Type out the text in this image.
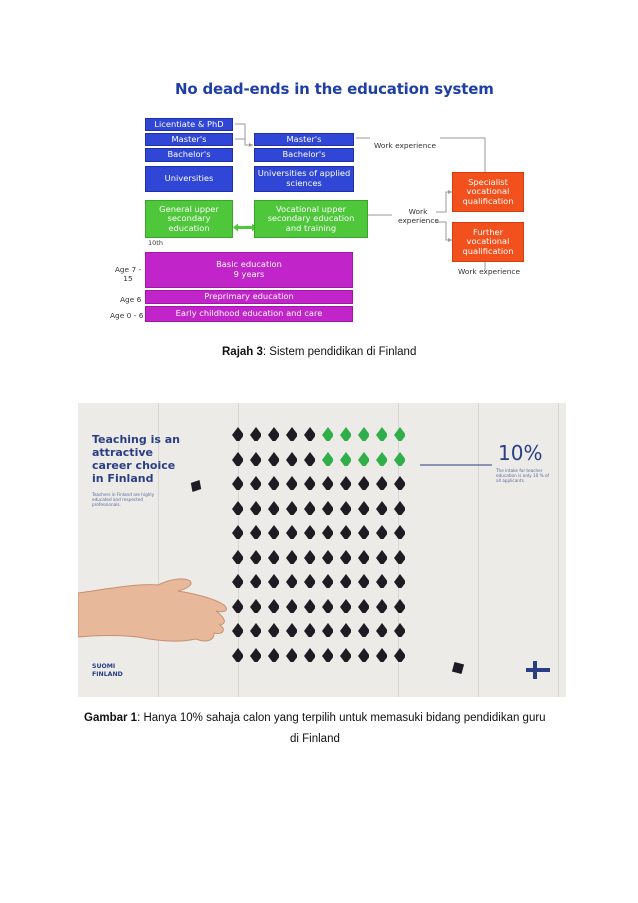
No dead-ends in the education system
Licentiate & PhD
Master's
Bachelor's
Universities
Master's
Bachelor's
Universities of applied sciences
General upper secondary education
Vocational upper secondary education and training
Specialist vocational qualification
Further vocational qualification
Basic education
9 years
Preprimary education
Early childhood education and care
Work experience
Work experience
Work experience
10th
Age 7 - 15
Age 6
Age 0 - 6
Rajah 3: Sistem pendidikan di Finland
Teaching is an attractive career choice in Finland
Teachers in Finland are highly educated and respected professionals.
10%
The intake for teacher education is only 10 % of all applicants.
SUOMI
FINLAND
Gambar 1: Hanya 10% sahaja calon yang terpilih untuk memasuki bidang pendidikan guru
di Finland
